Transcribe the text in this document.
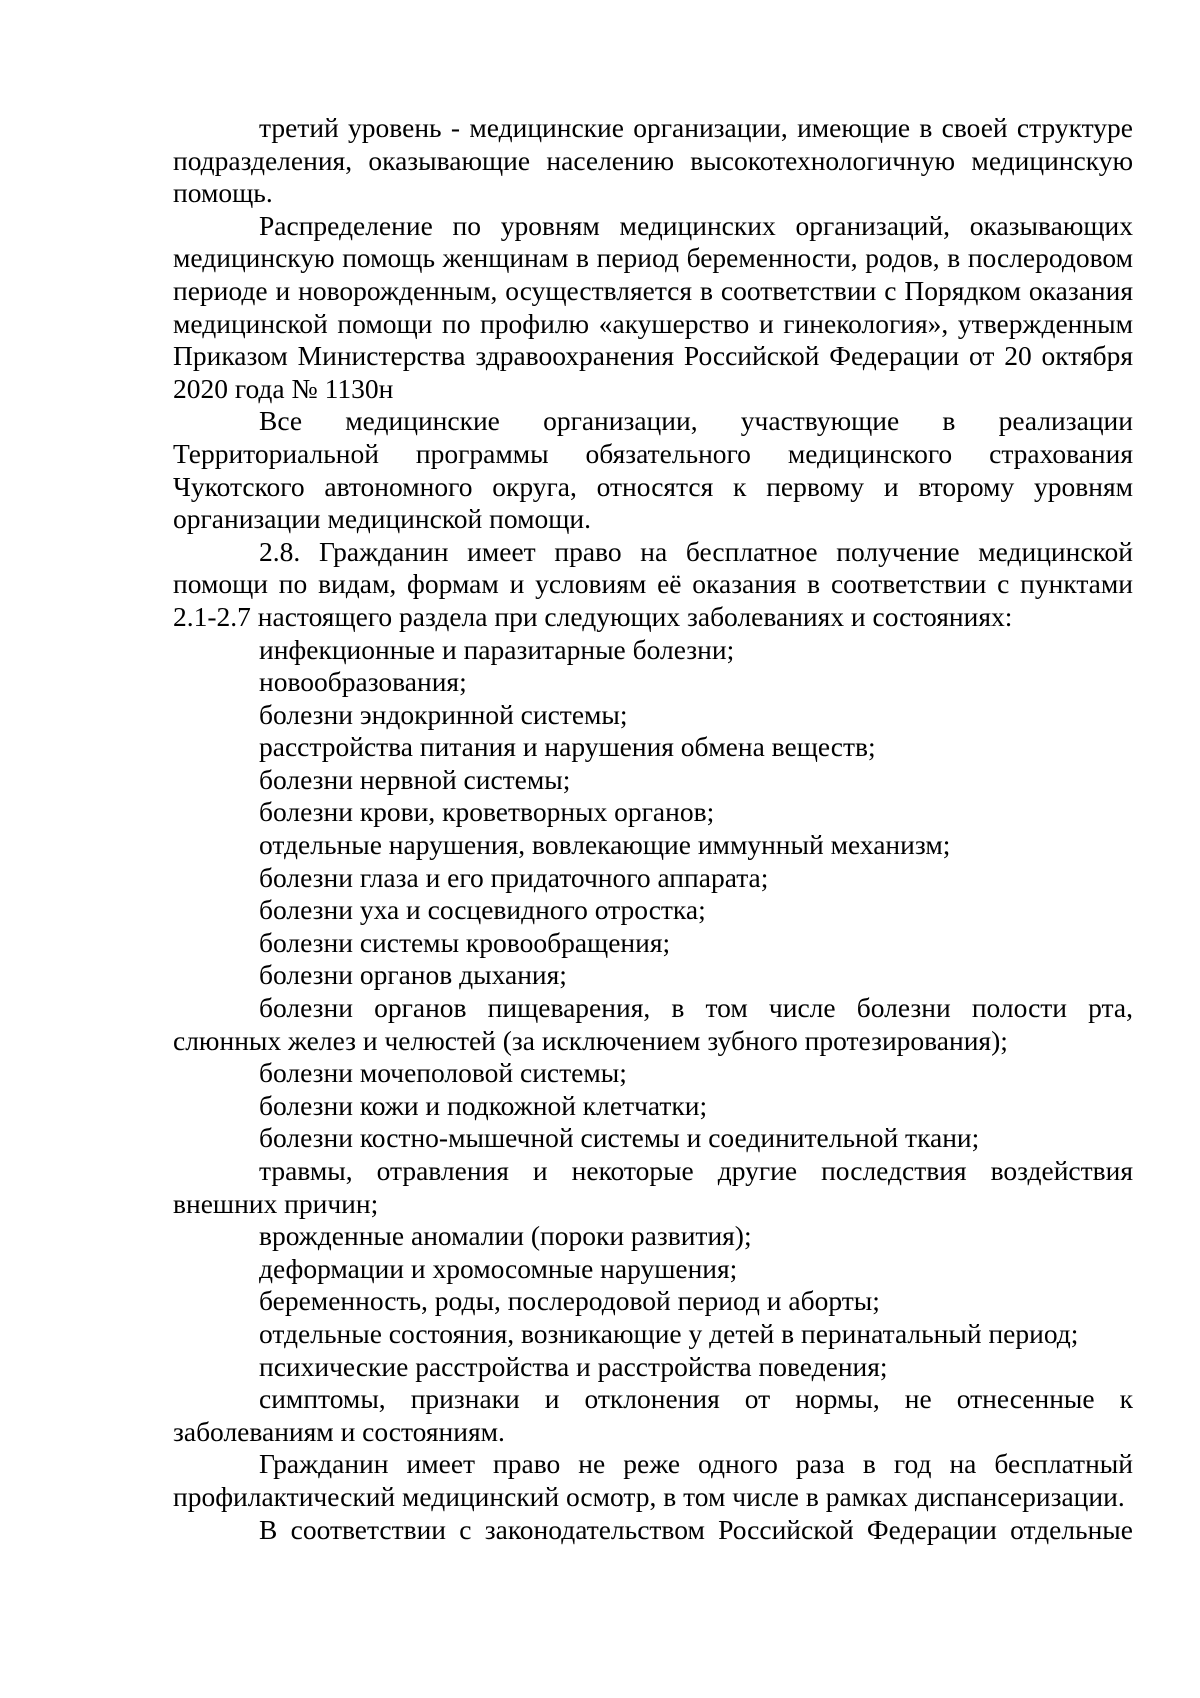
третий уровень - медицинские организации, имеющие в своей структуре подразделения, оказывающие населению высокотехнологичную медицинскую помощь.

Распределение по уровням медицинских организаций, оказывающих медицинскую помощь женщинам в период беременности, родов, в послеродовом периоде и новорожденным, осуществляется в соответствии с Порядком оказания медицинской помощи по профилю «акушерство и гинекология», утвержденным Приказом Министерства здравоохранения Российской Федерации от 20 октября 2020 года № 1130н

Все медицинские организации, участвующие в реализации Территориальной программы обязательного медицинского страхования Чукотского автономного округа, относятся к первому и второму уровням организации медицинской помощи.

2.8. Гражданин имеет право на бесплатное получение медицинской помощи по видам, формам и условиям её оказания в соответствии с пунктами 2.1-2.7 настоящего раздела при следующих заболеваниях и состояниях:

инфекционные и паразитарные болезни;
новообразования;
болезни эндокринной системы;
расстройства питания и нарушения обмена веществ;
болезни нервной системы;
болезни крови, кроветворных органов;
отдельные нарушения, вовлекающие иммунный механизм;
болезни глаза и его придаточного аппарата;
болезни уха и сосцевидного отростка;
болезни системы кровообращения;
болезни органов дыхания;
болезни органов пищеварения, в том числе болезни полости рта, слюнных желез и челюстей (за исключением зубного протезирования);
болезни мочеполовой системы;
болезни кожи и подкожной клетчатки;
болезни костно-мышечной системы и соединительной ткани;
травмы, отравления и некоторые другие последствия воздействия внешних причин;
врожденные аномалии (пороки развития);
деформации и хромосомные нарушения;
беременность, роды, послеродовой период и аборты;
отдельные состояния, возникающие у детей в перинатальный период;
психические расстройства и расстройства поведения;
симптомы, признаки и отклонения от нормы, не отнесенные к заболеваниям и состояниям.

Гражданин имеет право не реже одного раза в год на бесплатный профилактический медицинский осмотр, в том числе в рамках диспансеризации.

В соответствии с законодательством Российской Федерации отдельные
